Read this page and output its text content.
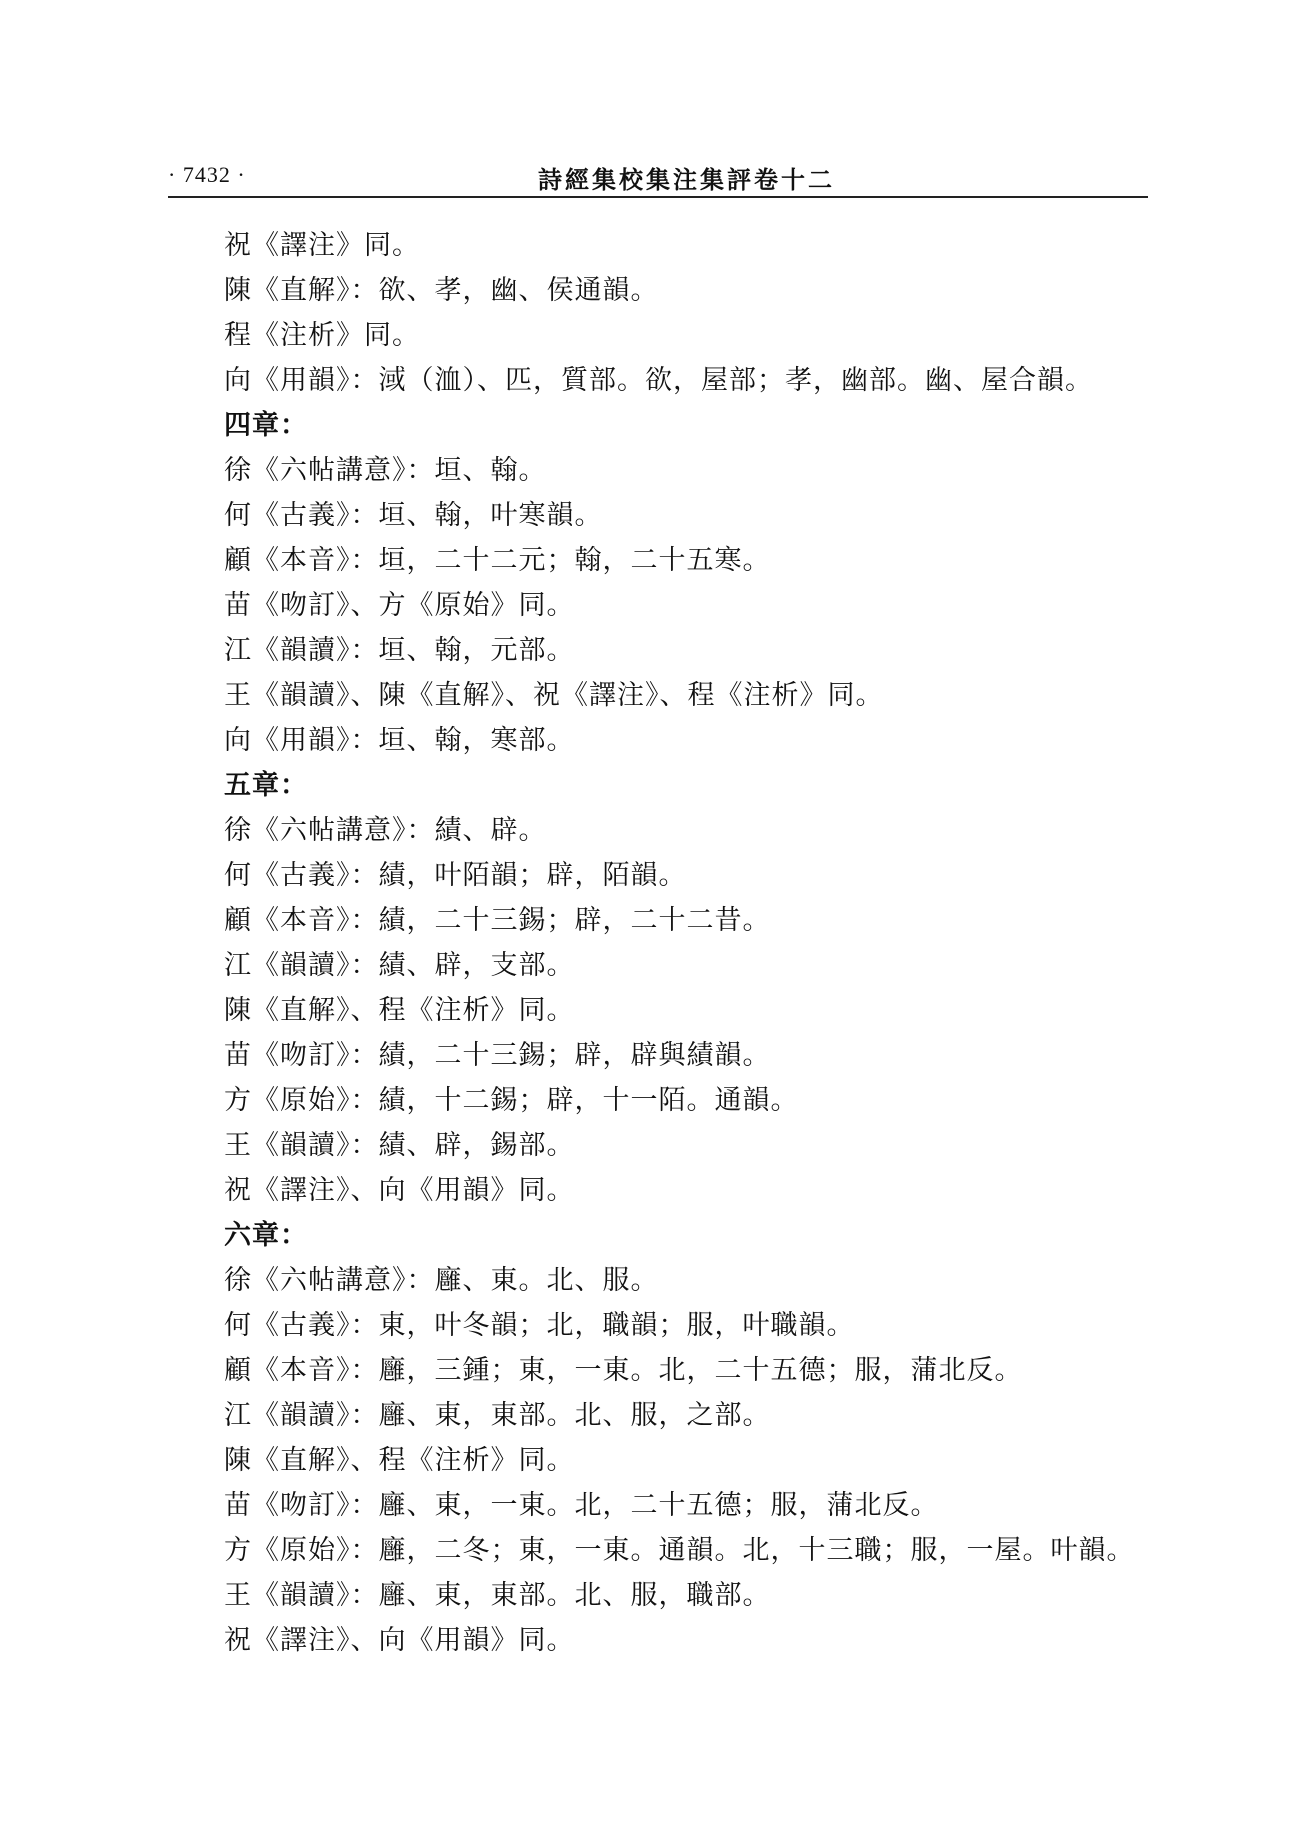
· 7432 ·	詩經集校集注集評卷十二
祝《譯注》同。
陳《直解》：欲、孝，幽、侯通韻。
程《注析》同。
向《用韻》：淢（洫）、匹，質部。欲，屋部；孝，幽部。幽、屋合韻。
四章：
徐《六帖講意》：垣、翰。
何《古義》：垣、翰，叶寒韻。
顧《本音》：垣，二十二元；翰，二十五寒。
苗《吻訂》、方《原始》同。
江《韻讀》：垣、翰，元部。
王《韻讀》、陳《直解》、祝《譯注》、程《注析》同。
向《用韻》：垣、翰，寒部。
五章：
徐《六帖講意》：績、辟。
何《古義》：績，叶陌韻；辟，陌韻。
顧《本音》：績，二十三錫；辟，二十二昔。
江《韻讀》：績、辟，支部。
陳《直解》、程《注析》同。
苗《吻訂》：績，二十三錫；辟，辟與績韻。
方《原始》：績，十二錫；辟，十一陌。通韻。
王《韻讀》：績、辟，錫部。
祝《譯注》、向《用韻》同。
六章：
徐《六帖講意》：廱、東。北、服。
何《古義》：東，叶冬韻；北，職韻；服，叶職韻。
顧《本音》：廱，三鍾；東，一東。北，二十五德；服，蒲北反。
江《韻讀》：廱、東，東部。北、服，之部。
陳《直解》、程《注析》同。
苗《吻訂》：廱、東，一東。北，二十五德；服，蒲北反。
方《原始》：廱，二冬；東，一東。通韻。北，十三職；服，一屋。叶韻。
王《韻讀》：廱、東，東部。北、服，職部。
祝《譯注》、向《用韻》同。
